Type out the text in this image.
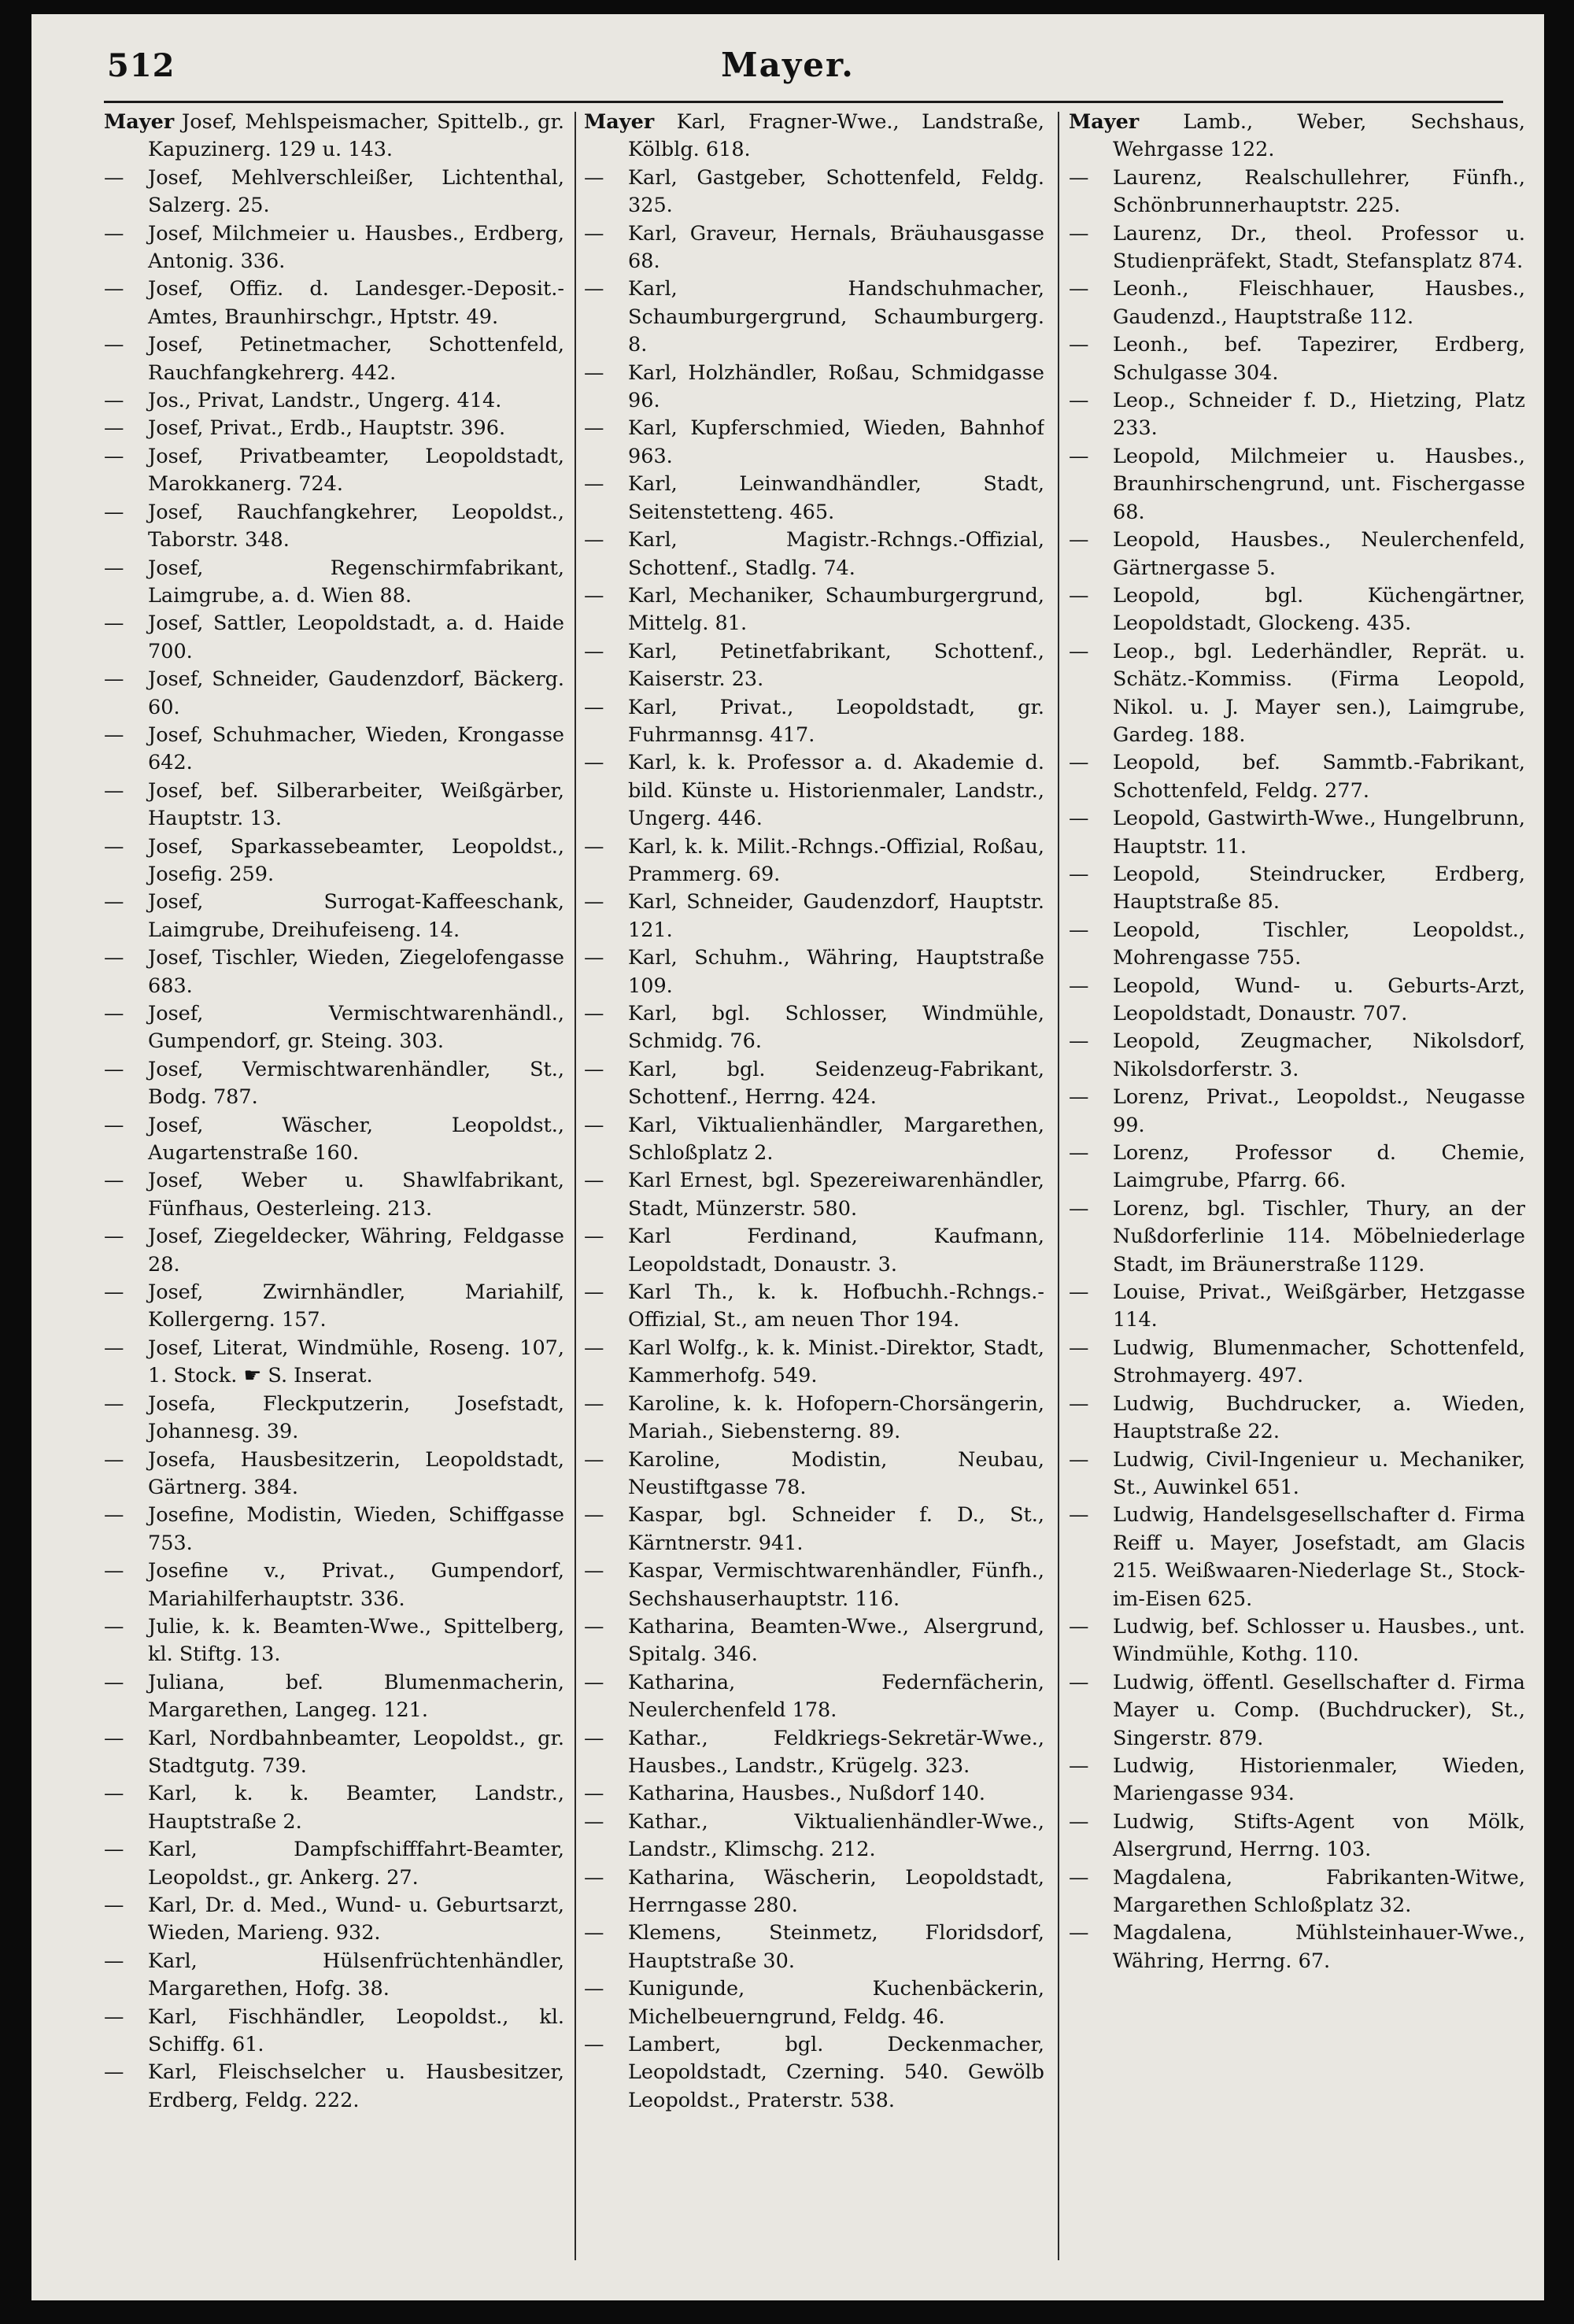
512	Mayer.
Mayer Josef, Mehlspeismacher, Spittelb., gr. Kapuzinerg. 129 u. 143.
— Josef, Mehlverschleißer, Lichtenthal, Salzerg. 25.
— Josef, Milchmeier u. Hausbes., Erdberg, Antonig. 336.
— Josef, Offiz. d. Landesger.-Deposit.-Amtes, Braunhirschgr., Hptstr. 49.
— Josef, Petinetmacher, Schottenfeld, Rauchfangkehrerg. 442.
— Jos., Privat, Landstr., Ungerg. 414.
— Josef, Privat., Erdb., Hauptstr. 396.
— Josef, Privatbeamter, Leopoldstadt, Marokkanerg. 724.
— Josef, Rauchfangkehrer, Leopoldst., Taborstr. 348.
— Josef, Regenschirmfabrikant, Laimgrube, a. d. Wien 88.
— Josef, Sattler, Leopoldstadt, a. d. Haide 700.
— Josef, Schneider, Gaudenzdorf, Bäckerg. 60.
— Josef, Schuhmacher, Wieden, Krongasse 642.
— Josef, bef. Silberarbeiter, Weißgärber, Hauptstr. 13.
— Josef, Sparkassebeamter, Leopoldst., Josefig. 259.
— Josef, Surrogat-Kaffeeschank, Laimgrube, Dreihufeiseng. 14.
— Josef, Tischler, Wieden, Ziegelofengasse 683.
— Josef, Vermischtwarenhändl., Gumpendorf, gr. Steing. 303.
— Josef, Vermischtwarenhändler, St., Bodg. 787.
— Josef, Wäscher, Leopoldst., Augartenstraße 160.
— Josef, Weber u. Shawlfabrikant, Fünfhaus, Oesterleing. 213.
— Josef, Ziegeldecker, Währing, Feldgasse 28.
— Josef, Zwirnhändler, Mariahilf, Kollergerng. 157.
— Josef, Literat, Windmühle, Roseng. 107, 1. Stock. ☛ S. Inserat.
— Josefa, Fleckputzerin, Josefstadt, Johannesg. 39.
— Josefa, Hausbesitzerin, Leopoldstadt, Gärtnerg. 384.
— Josefine, Modistin, Wieden, Schiffgasse 753.
— Josefine v., Privat., Gumpendorf, Mariahilferhauptstr. 336.
— Julie, k. k. Beamten-Wwe., Spittelberg, kl. Stiftg. 13.
— Juliana, bef. Blumenmacherin, Margarethen, Langeg. 121.
— Karl, Nordbahnbeamter, Leopoldst., gr. Stadtgutg. 739.
— Karl, k. k. Beamter, Landstr., Hauptstraße 2.
— Karl, Dampfschifffahrt-Beamter, Leopoldst., gr. Ankerg. 27.
— Karl, Dr. d. Med., Wund- u. Geburtsarzt, Wieden, Marieng. 932.
— Karl, Hülsenfrüchtenhändler, Margarethen, Hofg. 38.
— Karl, Fischhändler, Leopoldst., kl. Schiffg. 61.
— Karl, Fleischselcher u. Hausbesitzer, Erdberg, Feldg. 222.
Mayer Karl, Fragner-Wwe., Landstraße, Kölblg. 618.
— Karl, Gastgeber, Schottenfeld, Feldg. 325.
— Karl, Graveur, Hernals, Bräuhausgasse 68.
— Karl, Handschuhmacher, Schaumburgergrund, Schaumburgerg. 8.
— Karl, Holzhändler, Roßau, Schmidgasse 96.
— Karl, Kupferschmied, Wieden, Bahnhof 963.
— Karl, Leinwandhändler, Stadt, Seitenstetteng. 465.
— Karl, Magistr.-Rchngs.-Offizial, Schottenf., Stadlg. 74.
— Karl, Mechaniker, Schaumburgergrund, Mittelg. 81.
— Karl, Petinetfabrikant, Schottenf., Kaiserstr. 23.
— Karl, Privat., Leopoldstadt, gr. Fuhrmannsg. 417.
— Karl, k. k. Professor a. d. Akademie d. bild. Künste u. Historienmaler, Landstr., Ungerg. 446.
— Karl, k. k. Milit.-Rchngs.-Offizial, Roßau, Prammerg. 69.
— Karl, Schneider, Gaudenzdorf, Hauptstr. 121.
— Karl, Schuhm., Währing, Hauptstraße 109.
— Karl, bgl. Schlosser, Windmühle, Schmidg. 76.
— Karl, bgl. Seidenzeug-Fabrikant, Schottenf., Herrng. 424.
— Karl, Viktualienhändler, Margarethen, Schloßplatz 2.
— Karl Ernest, bgl. Spezereiwarenhändler, Stadt, Münzerstr. 580.
— Karl Ferdinand, Kaufmann, Leopoldstadt, Donaustr. 3.
— Karl Th., k. k. Hofbuchh.-Rchngs.-Offizial, St., am neuen Thor 194.
— Karl Wolfg., k. k. Minist.-Direktor, Stadt, Kammerhofg. 549.
— Karoline, k. k. Hofopern-Chorsängerin, Mariah., Siebensterng. 89.
— Karoline, Modistin, Neubau, Neustiftgasse 78.
— Kaspar, bgl. Schneider f. D., St., Kärntnerstr. 941.
— Kaspar, Vermischtwarenhändler, Fünfh., Sechshauserhauptstr. 116.
— Katharina, Beamten-Wwe., Alsergrund, Spitalg. 346.
— Katharina, Federnfächerin, Neulerchenfeld 178.
— Kathar., Feldkriegs-Sekretär-Wwe., Hausbes., Landstr., Krügelg. 323.
— Katharina, Hausbes., Nußdorf 140.
— Kathar., Viktualienhändler-Wwe., Landstr., Klimschg. 212.
— Katharina, Wäscherin, Leopoldstadt, Herrngasse 280.
— Klemens, Steinmetz, Floridsdorf, Hauptstraße 30.
— Kunigunde, Kuchenbäckerin, Michelbeuerngrund, Feldg. 46.
— Lambert, bgl. Deckenmacher, Leopoldstadt, Czerning. 540. Gewölb Leopoldst., Praterstr. 538.
Mayer Lamb., Weber, Sechshaus, Wehrgasse 122.
— Laurenz, Realschullehrer, Fünfh., Schönbrunnerhauptstr. 225.
— Laurenz, Dr., theol. Professor u. Studienpräfekt, Stadt, Stefansplatz 874.
— Leonh., Fleischhauer, Hausbes., Gaudenzd., Hauptstraße 112.
— Leonh., bef. Tapezirer, Erdberg, Schulgasse 304.
— Leop., Schneider f. D., Hietzing, Platz 233.
— Leopold, Milchmeier u. Hausbes., Braunhirschengrund, unt. Fischergasse 68.
— Leopold, Hausbes., Neulerchenfeld, Gärtnergasse 5.
— Leopold, bgl. Küchengärtner, Leopoldstadt, Glockeng. 435.
— Leop., bgl. Lederhändler, Reprät. u. Schätz.-Kommiss. (Firma Leopold, Nikol. u. J. Mayer sen.), Laimgrube, Gardeg. 188.
— Leopold, bef. Sammtb.-Fabrikant, Schottenfeld, Feldg. 277.
— Leopold, Gastwirth-Wwe., Hungelbrunn, Hauptstr. 11.
— Leopold, Steindrucker, Erdberg, Hauptstraße 85.
— Leopold, Tischler, Leopoldst., Mohrengasse 755.
— Leopold, Wund- u. Geburts-Arzt, Leopoldstadt, Donaustr. 707.
— Leopold, Zeugmacher, Nikolsdorf, Nikolsdorferstr. 3.
— Lorenz, Privat., Leopoldst., Neugasse 99.
— Lorenz, Professor d. Chemie, Laimgrube, Pfarrg. 66.
— Lorenz, bgl. Tischler, Thury, an der Nußdorferlinie 114. Möbelniederlage Stadt, im Bräunerstraße 1129.
— Louise, Privat., Weißgärber, Hetzgasse 114.
— Ludwig, Blumenmacher, Schottenfeld, Strohmayerg. 497.
— Ludwig, Buchdrucker, a. Wieden, Hauptstraße 22.
— Ludwig, Civil-Ingenieur u. Mechaniker, St., Auwinkel 651.
— Ludwig, Handelsgesellschafter d. Firma Reiff u. Mayer, Josefstadt, am Glacis 215. Weißwaaren-Niederlage St., Stock-im-Eisen 625.
— Ludwig, bef. Schlosser u. Hausbes., unt. Windmühle, Kothg. 110.
— Ludwig, öffentl. Gesellschafter d. Firma Mayer u. Comp. (Buchdrucker), St., Singerstr. 879.
— Ludwig, Historienmaler, Wieden, Mariengasse 934.
— Ludwig, Stifts-Agent von Mölk, Alsergrund, Herrng. 103.
— Magdalena, Fabrikanten-Witwe, Margarethen Schloßplatz 32.
— Magdalena, Mühlsteinhauer-Wwe., Währing, Herrng. 67.
